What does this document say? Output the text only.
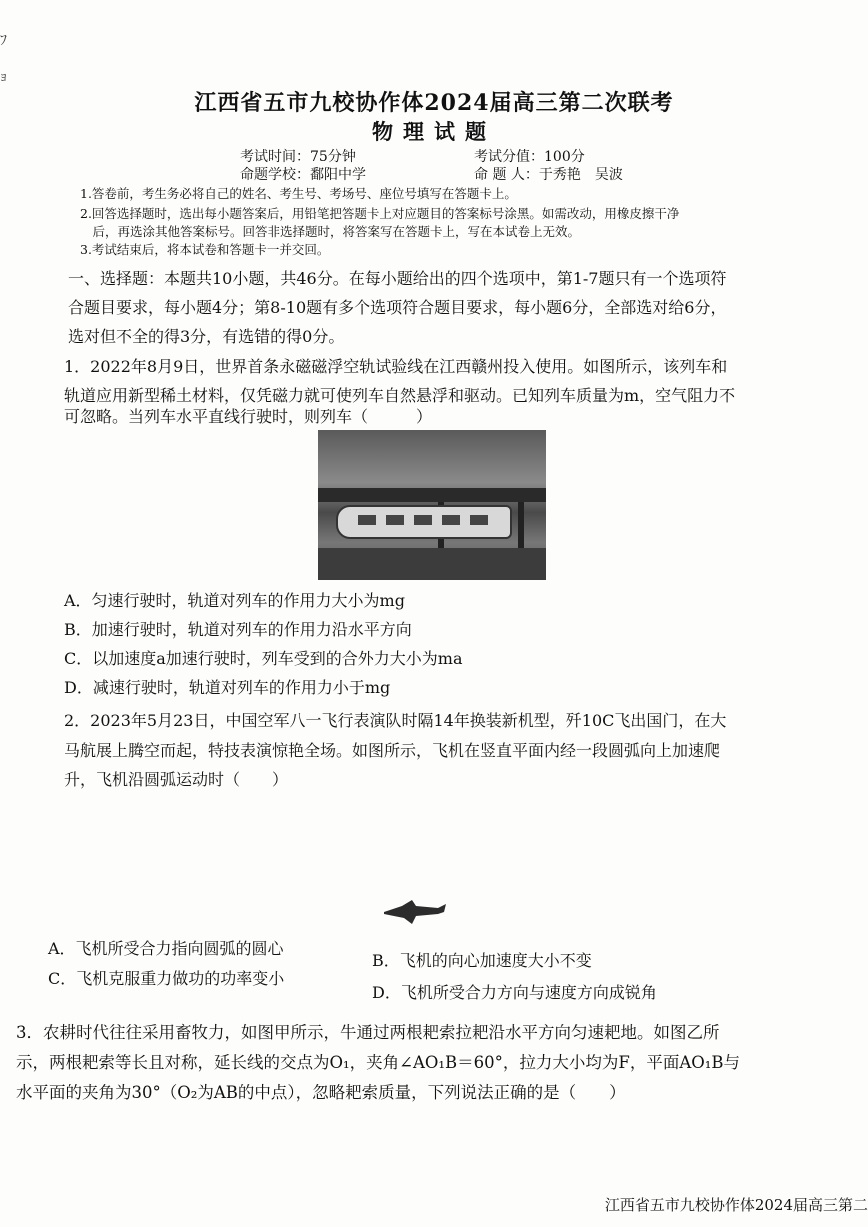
ﾌ

ｮ
江西省五市九校协作体2024届高三第二次联考
物理试题
考试时间：75分钟	考试分值：100分
命题学校：鄱阳中学	命 题 人：于秀艳　吴波
1.答卷前，考生务必将自己的姓名、考生号、考场号、座位号填写在答题卡上。
2.回答选择题时，选出每小题答案后，用铅笔把答题卡上对应题目的答案标号涂黑。如需改动，用橡皮擦干净
　后，再选涂其他答案标号。回答非选择题时，将答案写在答题卡上，写在本试卷上无效。
3.考试结束后，将本试卷和答题卡一并交回。
一、选择题：本题共10小题，共46分。在每小题给出的四个选项中，第1-7题只有一个选项符
合题目要求，每小题4分；第8-10题有多个选项符合题目要求，每小题6分，全部选对给6分，
选对但不全的得3分，有选错的得0分。
1．2022年8月9日，世界首条永磁磁浮空轨试验线在江西赣州投入使用。如图所示，该列车和
轨道应用新型稀土材料，仅凭磁力就可使列车自然悬浮和驱动。已知列车质量为m，空气阻力不
可忽略。当列车水平直线行驶时，则列车（　　　）
A．匀速行驶时，轨道对列车的作用力大小为mg
B．加速行驶时，轨道对列车的作用力沿水平方向
C．以加速度a加速行驶时，列车受到的合外力大小为ma
D．减速行驶时，轨道对列车的作用力小于mg
2．2023年5月23日，中国空军八一飞行表演队时隔14年换装新机型，歼10C飞出国门，在大
马航展上腾空而起，特技表演惊艳全场。如图所示，飞机在竖直平面内经一段圆弧向上加速爬
升，飞机沿圆弧运动时（　　）
A．飞机所受合力指向圆弧的圆心
B．飞机的向心加速度大小不变
C．飞机克服重力做功的功率变小
D．飞机所受合力方向与速度方向成锐角
3．农耕时代往往采用畜牧力，如图甲所示，牛通过两根耙索拉耙沿水平方向匀速耙地。如图乙所
示，两根耙索等长且对称，延长线的交点为O₁，夹角∠AO₁B＝60°，拉力大小均为F，平面AO₁B与
水平面的夹角为30°（O₂为AB的中点），忽略耙索质量，下列说法正确的是（　　）
江西省五市九校协作体2024届高三第二
